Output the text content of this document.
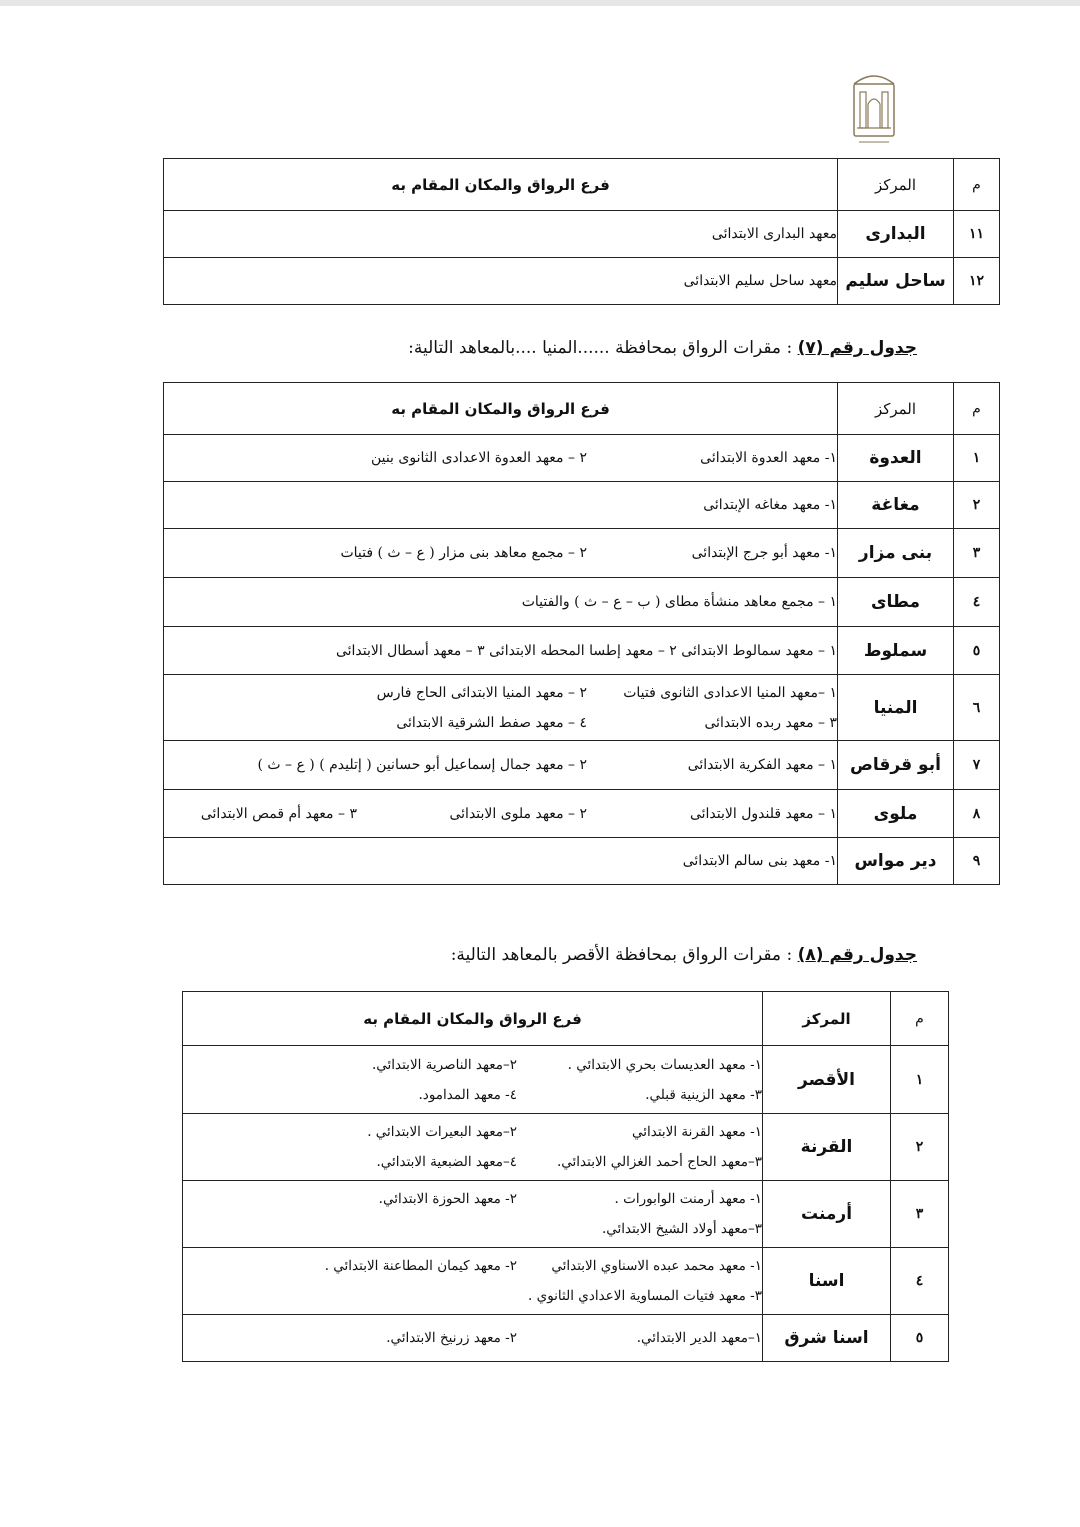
م	المركز	فرع الرواق والمكان المقام به
١١	البدارى	معهد البدارى الابتدائى

١٢	ساحل سليم	معهد ساحل سليم الابتدائى
جدول رقم (٧) : مقرات الرواق بمحافظة ......المنيا ....بالمعاهد التالية:
م	المركز	فرع الرواق والمكان المقام به
١	العدوة	١- معهد العدوة الابتدائى
٢ – معهد العدوة الاعدادى الثانوى بنين

٢	مغاغة	١- معهد مغاغه الإبتدائى

٣	بنى مزار	١- معهد أبو جرج الإبتدائى
٢ – مجمع معاهد بنى مزار ( ع – ث ) فتيات

٤	مطاى	١ – مجمع معاهد منشأة مطاى ( ب – ع – ث ) والفتيات

٥	سملوط	١ – معهد سمالوط الابتدائى ٢ – معهد إطسا المحطه الابتدائى ٣ – معهد أسطال الابتدائى

٦	المنيا	١ –معهد المنيا الاعدادى الثانوى فتيات
٢ – معهد المنيا الابتدائى الحاج فارس
٣ – معهد ربده الابتدائى
٤ – معهد صفط الشرقية الابتدائى

٧	أبو قرقاص	١ – معهد الفكرية الابتدائى
٢ – معهد جمال إسماعيل أبو حسانين ( إتليدم ) ( ع – ث )

٨	ملوى	١ – معهد قلندول الابتدائى
٢ – معهد ملوى الابتدائى
٣ – معهد أم قمص الابتدائى

٩	دير مواس	١- معهد بنى سالم الابتدائى
جدول رقم (٨) : مقرات الرواق بمحافظة الأقصر بالمعاهد التالية:
م	المركز	فرع الرواق والمكان المقام به
١	الأقصر	١- معهد العديسات بحري الابتدائي .
٢–معهد الناصرية الابتدائي.
٣- معهد الزينية قبلي.
٤- معهد المدامود.

٢	القرنة	١- معهد القرنة الابتدائي
٢–معهد البعيرات الابتدائي .
٣–معهد الحاج أحمد الغزالي الابتدائي.
٤–معهد الضبعية الابتدائي.

٣	أرمنت	١- معهد أرمنت الوابورات .
٢- معهد الحوزة الابتدائي.
٣–معهد أولاد الشيخ الابتدائي.

٤	اسنا	١- معهد محمد عبده الاسناوي الابتدائي
٢- معهد كيمان المطاعنة الابتدائي .
٣- معهد فتيات المساوية الاعدادي الثانوي .

٥	اسنا شرق	١–معهد الدير الابتدائي.
٢- معهد زرنيخ الابتدائي.
